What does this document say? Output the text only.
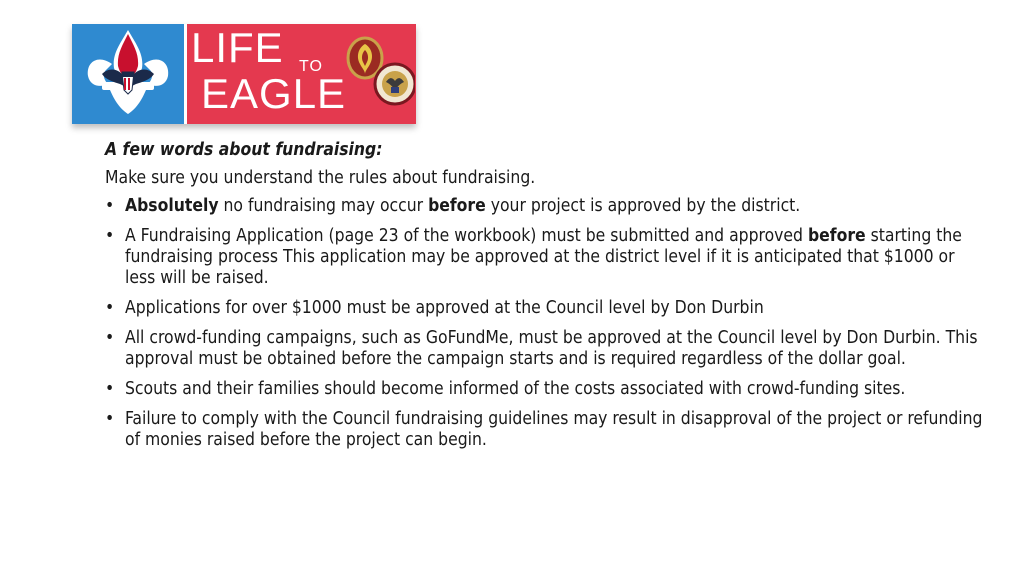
LIFE TO
EAGLE

A few words about fundraising:

Make sure you understand the rules about fundraising.

• Absolutely no fundraising may occur before your project is approved by the district.
• A Fundraising Application (page 23 of the workbook) must be submitted and approved before starting the fundraising process This application may be approved at the district level if it is anticipated that $1000 or less will be raised.
• Applications for over $1000 must be approved at the Council level by Don Durbin
• All crowd-funding campaigns, such as GoFundMe, must be approved at the Council level by Don Durbin. This approval must be obtained before the campaign starts and is required regardless of the dollar goal.
• Scouts and their families should become informed of the costs associated with crowd-funding sites.
• Failure to comply with the Council fundraising guidelines may result in disapproval of the project or refunding of monies raised before the project can begin.
